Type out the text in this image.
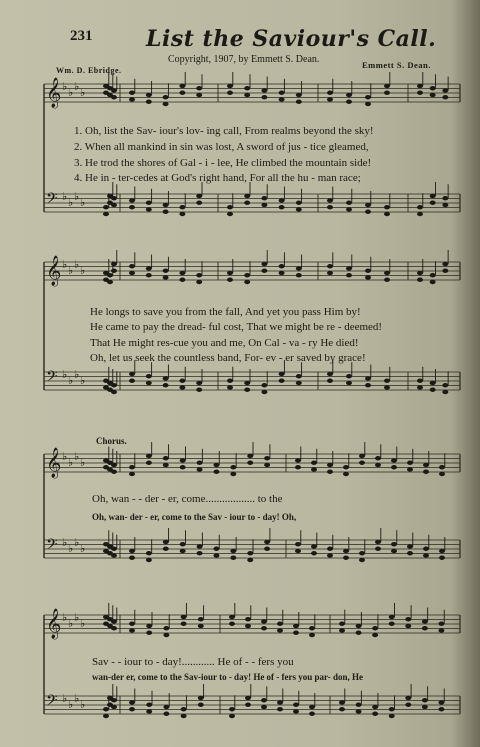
231 List the Saviour's Call.
Copyright, 1907, by Emmett S. Dean.
Wm. D. Ebridge.
Emmett S. Dean.
𝄞 ♭ ♭ ♭ ♭
𝄢 ♭ ♭ ♭ ♭
𝄞 ♭ ♭ ♭ ♭
𝄢 ♭ ♭ ♭ ♭
𝄞 ♭ ♭ ♭ ♭
𝄢 ♭ ♭ ♭ ♭
𝄞 ♭ ♭ ♭ ♭
𝄢 ♭ ♭ ♭ ♭
1. Oh, list the Sav- iour's lov- ing call, From realms beyond the sky!
2. When all mankind in sin was lost, A sword of jus - tice gleamed,
3. He trod the shores of Gal - i - lee, He climbed the mountain side!
4. He in - ter-cedes at God's right hand, For all the hu - man race;
He longs to save you from the fall, And yet you pass Him by!
He came to pay the dread- ful cost, That we might be re - deemed!
That He might res-cue you and me, On Cal - va - ry He died!
Oh, let us seek the countless band, For- ev - er saved by grace!
Chorus.
Oh, wan - - der - er, come.................. to the
Oh, wan- der - er, come to the Sav - iour to - day! Oh,
Sav - - iour to - day!............ He of - - fers you
wan-der er, come to the Sav-iour to - day! He of - fers you par- don, He
